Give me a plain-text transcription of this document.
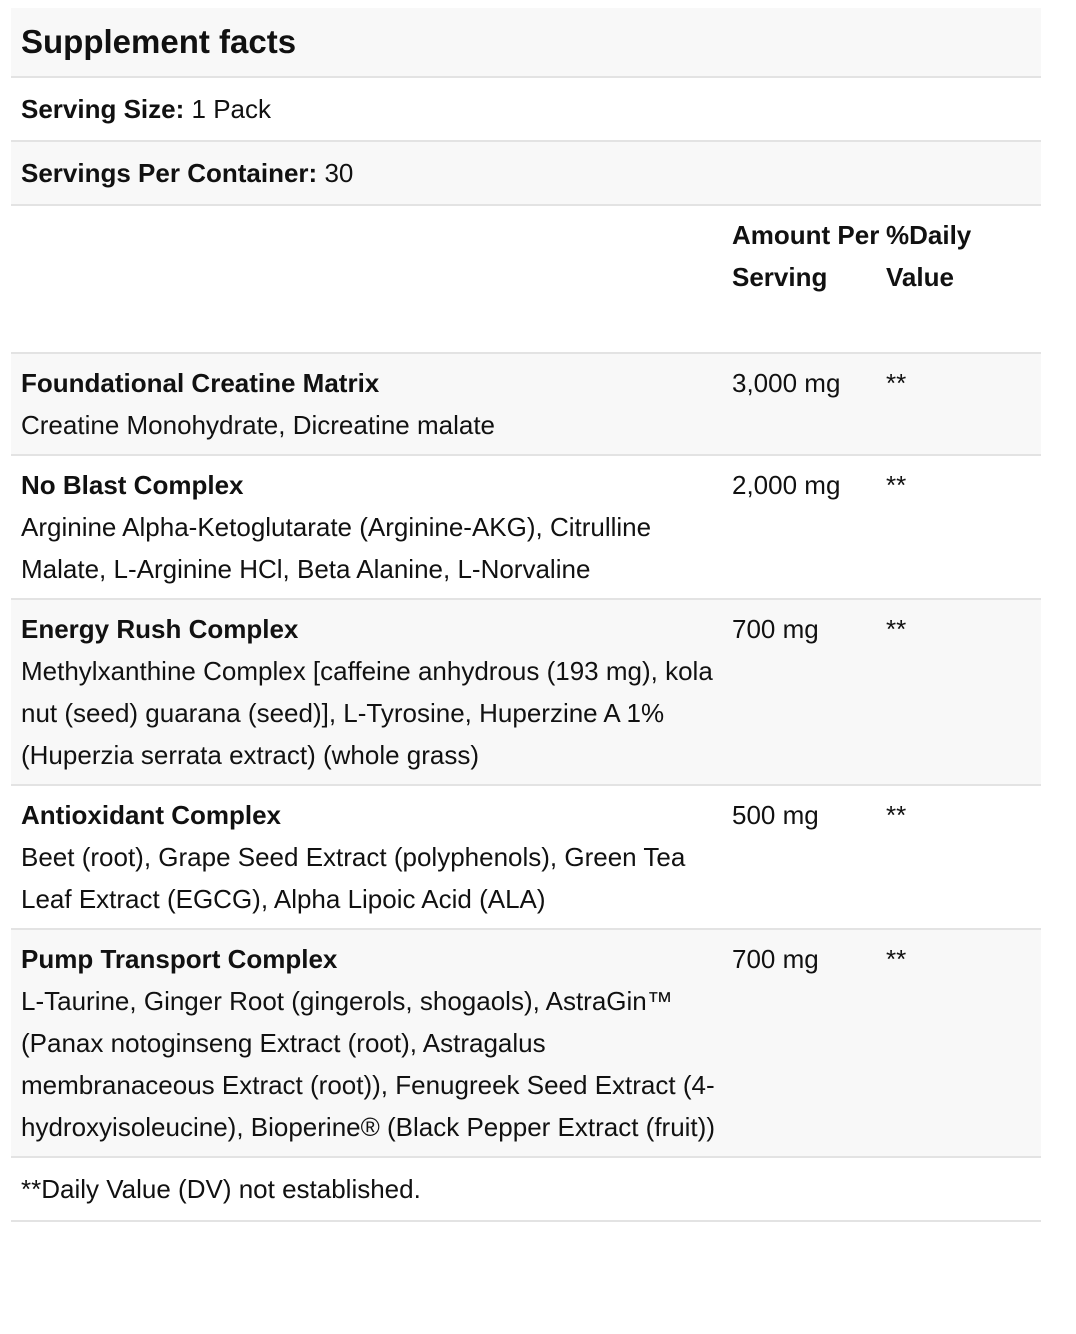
Supplement facts
Serving Size:
1 Pack
Servings Per Container:
30
Amount Per Serving
%Daily Value
Foundational Creatine Matrix
Creatine Monohydrate, Dicreatine malate
3,000 mg	**
No Blast Complex
Arginine Alpha-Ketoglutarate (Arginine-AKG), Citrulline Malate, L-Arginine HCl, Beta Alanine, L-Norvaline
2,000 mg	**
Energy Rush Complex
Methylxanthine Complex [caffeine anhydrous (193 mg), kola nut (seed) guarana (seed)], L-Tyrosine, Huperzine A 1% (Huperzia serrata extract) (whole grass)
700 mg	**
Antioxidant Complex
Beet (root), Grape Seed Extract (polyphenols), Green Tea Leaf Extract (EGCG), Alpha Lipoic Acid (ALA)
500 mg	**
Pump Transport Complex
L-Taurine, Ginger Root (gingerols, shogaols), AstraGin™ (Panax notoginseng Extract (root), Astragalus membranaceous Extract (root)), Fenugreek Seed Extract (4-hydroxyisoleucine), Bioperine® (Black Pepper Extract (fruit))
700 mg	**
**Daily Value (DV) not established.
